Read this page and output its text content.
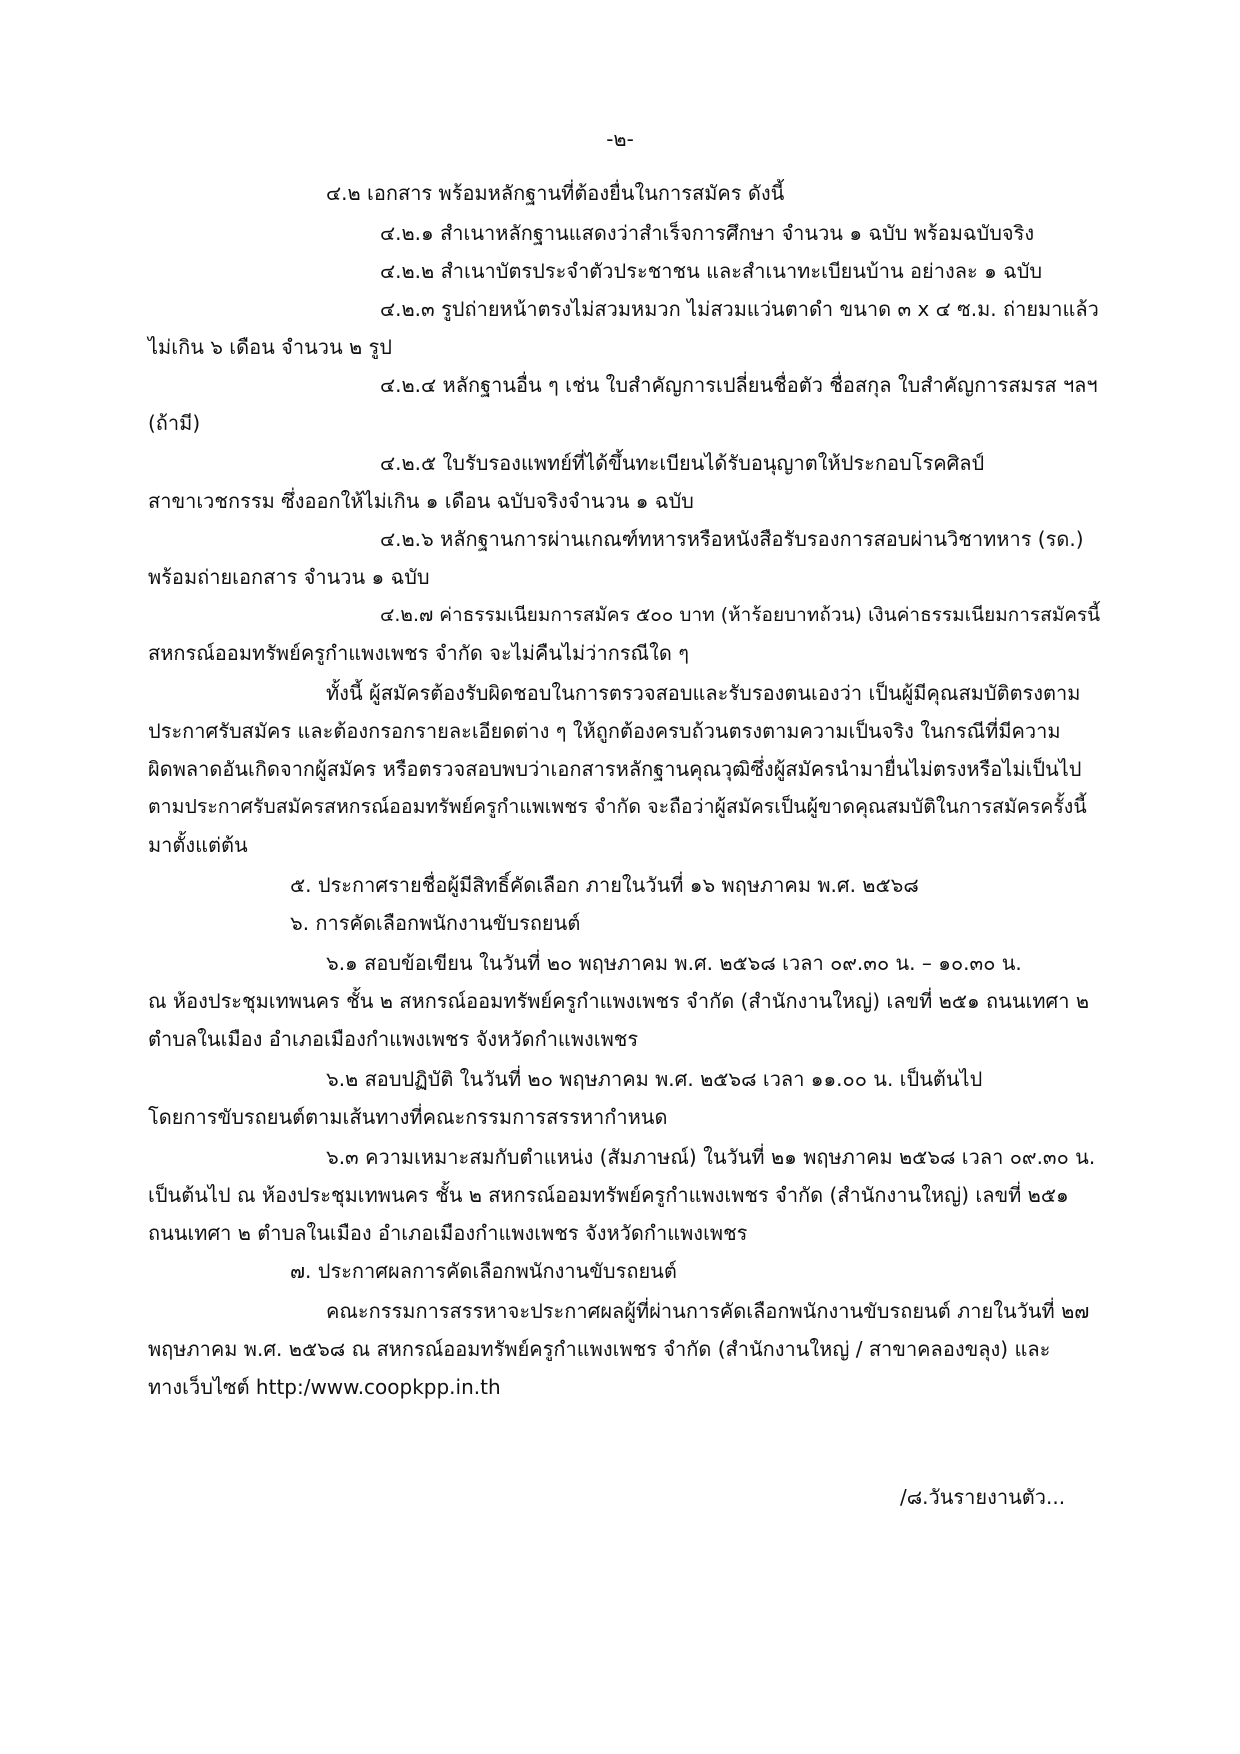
-๒-

๔.๒ เอกสาร พร้อมหลักฐานที่ต้องยื่นในการสมัคร ดังนี้

๔.๒.๑ สำเนาหลักฐานแสดงว่าสำเร็จการศึกษา จำนวน ๑ ฉบับ พร้อมฉบับจริง

๔.๒.๒ สำเนาบัตรประจำตัวประชาชน และสำเนาทะเบียนบ้าน อย่างละ ๑ ฉบับ

๔.๒.๓ รูปถ่ายหน้าตรงไม่สวมหมวก ไม่สวมแว่นตาดำ ขนาด ๓ x ๔ ซ.ม. ถ่ายมาแล้ว

ไม่เกิน ๖ เดือน จำนวน ๒ รูป

๔.๒.๔ หลักฐานอื่น ๆ เช่น ใบสำคัญการเปลี่ยนชื่อตัว ชื่อสกุล ใบสำคัญการสมรส ฯลฯ

(ถ้ามี)

๔.๒.๕ ใบรับรองแพทย์ที่ได้ขึ้นทะเบียนได้รับอนุญาตให้ประกอบโรคศิลป์

สาขาเวชกรรม ซึ่งออกให้ไม่เกิน ๑ เดือน ฉบับจริงจำนวน ๑ ฉบับ

๔.๒.๖ หลักฐานการผ่านเกณฑ์ทหารหรือหนังสือรับรองการสอบผ่านวิชาทหาร (รด.)

พร้อมถ่ายเอกสาร จำนวน ๑ ฉบับ

๔.๒.๗ ค่าธรรมเนียมการสมัคร ๕๐๐ บาท (ห้าร้อยบาทถ้วน) เงินค่าธรรมเนียมการสมัครนี้

สหกรณ์ออมทรัพย์ครูกำแพงเพชร จำกัด จะไม่คืนไม่ว่ากรณีใด ๆ

ทั้งนี้ ผู้สมัครต้องรับผิดชอบในการตรวจสอบและรับรองตนเองว่า เป็นผู้มีคุณสมบัติตรงตาม

ประกาศรับสมัคร และต้องกรอกรายละเอียดต่าง ๆ ให้ถูกต้องครบถ้วนตรงตามความเป็นจริง ในกรณีที่มีความ

ผิดพลาดอันเกิดจากผู้สมัคร หรือตรวจสอบพบว่าเอกสารหลักฐานคุณวุฒิซึ่งผู้สมัครนำมายื่นไม่ตรงหรือไม่เป็นไป

ตามประกาศรับสมัครสหกรณ์ออมทรัพย์ครูกำแพเพชร จำกัด จะถือว่าผู้สมัครเป็นผู้ขาดคุณสมบัติในการสมัครครั้งนี้

มาตั้งแต่ต้น

๕. ประกาศรายชื่อผู้มีสิทธิ์คัดเลือก ภายในวันที่ ๑๖ พฤษภาคม พ.ศ. ๒๕๖๘

๖. การคัดเลือกพนักงานขับรถยนต์

๖.๑ สอบข้อเขียน ในวันที่ ๒๐ พฤษภาคม พ.ศ. ๒๕๖๘ เวลา ๐๙.๓๐ น. – ๑๐.๓๐ น.

ณ ห้องประชุมเทพนคร ชั้น ๒ สหกรณ์ออมทรัพย์ครูกำแพงเพชร จำกัด (สำนักงานใหญ่) เลขที่ ๒๕๑ ถนนเทศา ๒

ตำบลในเมือง อำเภอเมืองกำแพงเพชร จังหวัดกำแพงเพชร

๖.๒ สอบปฏิบัติ ในวันที่ ๒๐ พฤษภาคม พ.ศ. ๒๕๖๘ เวลา ๑๑.๐๐ น. เป็นต้นไป

โดยการขับรถยนต์ตามเส้นทางที่คณะกรรมการสรรหากำหนด

๖.๓ ความเหมาะสมกับตำแหน่ง (สัมภาษณ์) ในวันที่ ๒๑ พฤษภาคม ๒๕๖๘ เวลา ๐๙.๓๐ น.

เป็นต้นไป ณ ห้องประชุมเทพนคร ชั้น ๒ สหกรณ์ออมทรัพย์ครูกำแพงเพชร จำกัด (สำนักงานใหญ่) เลขที่ ๒๕๑

ถนนเทศา ๒ ตำบลในเมือง อำเภอเมืองกำแพงเพชร จังหวัดกำแพงเพชร

๗. ประกาศผลการคัดเลือกพนักงานขับรถยนต์

คณะกรรมการสรรหาจะประกาศผลผู้ที่ผ่านการคัดเลือกพนักงานขับรถยนต์ ภายในวันที่ ๒๗

พฤษภาคม พ.ศ. ๒๕๖๘ ณ สหกรณ์ออมทรัพย์ครูกำแพงเพชร จำกัด (สำนักงานใหญ่ / สาขาคลองขลุง) และ

ทางเว็บไซต์ http:/www.coopkpp.in.th

/๘.วันรายงานตัว...
